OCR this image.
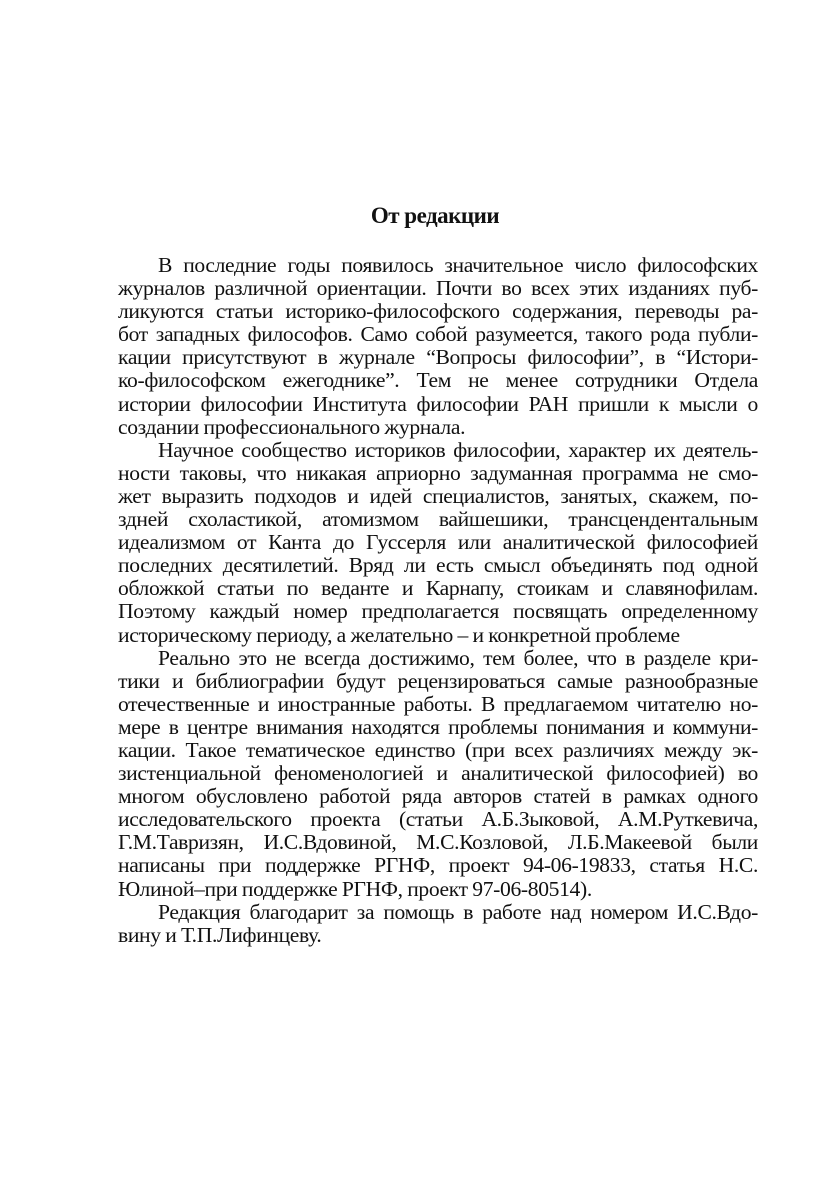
От редакции
В последние годы появилось значительное число философских
журналов различной ориентации. Почти во всех этих изданиях пуб-
ликуются статьи историко-философского содержания, переводы ра-
бот западных философов. Само собой разумеется, такого рода публи-
кации присутствуют в журнале “Вопросы философии”, в “Истори-
ко-философском ежегоднике”. Тем не менее сотрудники Отдела
истории философии Института философии РАН пришли к мысли о
создании профессионального журнала.
Научное сообщество историков философии, характер их деятель-
ности таковы, что никакая априорно задуманная программа не смо-
жет выразить подходов и идей специалистов, занятых, скажем, по-
здней схоластикой, атомизмом вайшешики, трансцендентальным
идеализмом от Канта до Гуссерля или аналитической философией
последних десятилетий. Вряд ли есть смысл объединять под одной
обложкой статьи по веданте и Карнапу, стоикам и славянофилам.
Поэтому каждый номер предполагается посвящать определенному
историческому периоду, а желательно – и конкретной проблеме
Реально это не всегда достижимо, тем более, что в разделе кри-
тики и библиографии будут рецензироваться самые разнообразные
отечественные и иностранные работы. В предлагаемом читателю но-
мере в центре внимания находятся проблемы понимания и коммуни-
кации. Такое тематическое единство (при всех различиях между эк-
зистенциальной феноменологией и аналитической философией) во
многом обусловлено работой ряда авторов статей в рамках одного
исследовательского проекта (статьи А.Б.Зыковой, А.М.Руткевича,
Г.М.Тавризян, И.С.Вдовиной, М.С.Козловой, Л.Б.Макеевой были
написаны при поддержке РГНФ, проект 94-06-19833, статья Н.С.
Юлиной–при поддержке РГНФ, проект 97-06-80514).
Редакция благодарит за помощь в работе над номером И.С.Вдо-
вину и Т.П.Лифинцеву.
